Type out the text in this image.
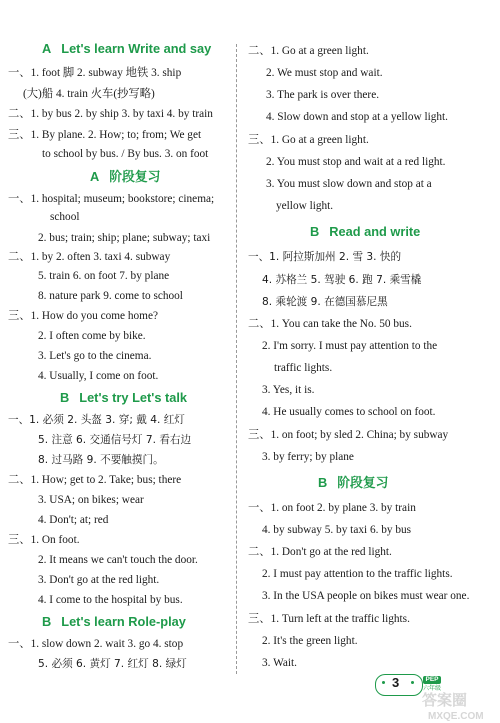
A Let's learn Write and say
一、1. foot 脚 2. subway 地铁 3. ship
(大)船 4. train 火车(抄写略)
二、1. by bus 2. by ship 3. by taxi 4. by train
三、1. By plane. 2. How; to; from; We get
to school by bus. / By bus. 3. on foot
A 阶段复习
一、1. hospital; museum; bookstore; cinema;
school
2. bus; train; ship; plane; subway; taxi
二、1. by 2. often 3. taxi 4. subway
5. train 6. on foot 7. by plane
8. nature park 9. come to school
三、1. How do you come home?
2. I often come by bike.
3. Let's go to the cinema.
4. Usually, I come on foot.
B Let's try Let's talk
一、1. 必须 2. 头盔 3. 穿; 戴 4. 红灯
5. 注意 6. 交通信号灯 7. 看右边
8. 过马路 9. 不要触摸门。
二、1. How; get to 2. Take; bus; there
3. USA; on bikes; wear
4. Don't; at; red
三、1. On foot.
2. It means we can't touch the door.
3. Don't go at the red light.
4. I come to the hospital by bus.
B Let's learn Role-play
一、1. slow down 2. wait 3. go 4. stop
5. 必须 6. 黄灯 7. 红灯 8. 绿灯
二、1. Go at a green light.
2. We must stop and wait.
3. The park is over there.
4. Slow down and stop at a yellow light.
三、1. Go at a green light.
2. You must stop and wait at a red light.
3. You must slow down and stop at a
yellow light.
B Read and write
一、1. 阿拉斯加州 2. 雪 3. 快的
4. 苏格兰 5. 驾驶 6. 跑 7. 乘雪橇
8. 乘轮渡 9. 在德国慕尼黑
二、1. You can take the No. 50 bus.
2. I'm sorry. I must pay attention to the
traffic lights.
3. Yes, it is.
4. He usually comes to school on foot.
三、1. on foot; by sled 2. China; by subway
3. by ferry; by plane
B 阶段复习
一、1. on foot 2. by plane 3. by train
4. by subway 5. by taxi 6. by bus
二、1. Don't go at the red light.
2. I must pay attention to the traffic lights.
3. In the USA people on bikes must wear one.
三、1. Turn left at the traffic lights.
2. It's the green light.
3. Wait.
3	PEP
六年级
答案圈
MXQE.COM
